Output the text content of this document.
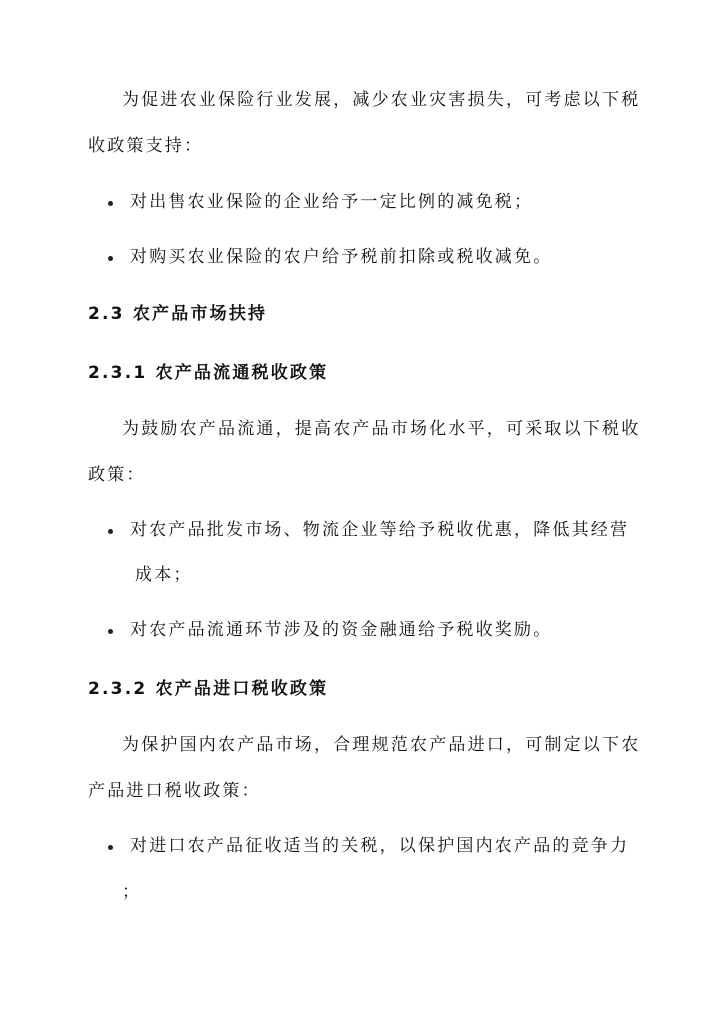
为促进农业保险行业发展，减少农业灾害损失，可考虑以下税
收政策支持：
对出售农业保险的企业给予一定比例的减免税；
对购买农业保险的农户给予税前扣除或税收减免。
2.3 农产品市场扶持
2.3.1 农产品流通税收政策
为鼓励农产品流通，提高农产品市场化水平，可采取以下税收
政策：
对农产品批发市场、物流企业等给予税收优惠，降低其经营
成本；
对农产品流通环节涉及的资金融通给予税收奖励。
2.3.2 农产品进口税收政策
为保护国内农产品市场，合理规范农产品进口，可制定以下农
产品进口税收政策：
对进口农产品征收适当的关税，以保护国内农产品的竞争力
；
